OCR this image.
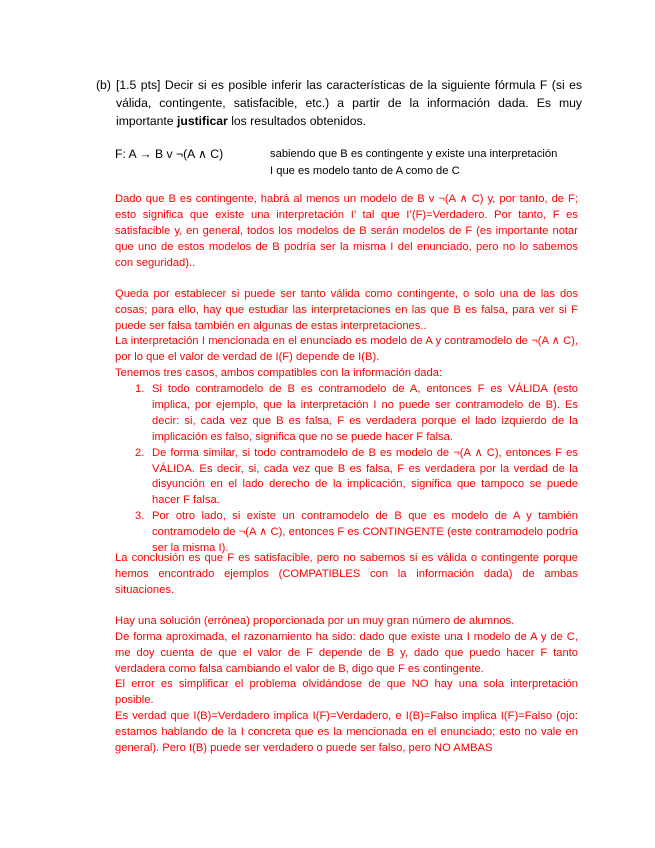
(b) [1.5 pts] Decir si es posible inferir las características de la siguiente fórmula F (si es válida, contingente, satisfacible, etc.) a partir de la información dada. Es muy importante justificar los resultados obtenidos.
F: A → B v ¬(A ∧ C)	sabiendo que B es contingente y existe una interpretación
I que es modelo tanto de A como de C
Dado que B es contingente, habrá al menos un modelo de B v ¬(A ∧ C) y, por tanto, de F; esto significa que existe una interpretación I’ tal que I’(F)=Verdadero. Por tanto, F es satisfacible y, en general, todos los modelos de B serán modelos de F (es importante notar que uno de estos modelos de B podría ser la misma I del enunciado, pero no lo sabemos con seguridad)..
Queda por establecer si puede ser tanto válida como contingente, o solo una de las dos cosas; para ello, hay que estudiar las interpretaciones en las que B es falsa, para ver si F puede ser falsa también en algunas de estas interpretaciones..
La interpretación I mencionada en el enunciado es modelo de A y contramodelo de ¬(A ∧ C), por lo que el valor de verdad de I(F) depende de I(B).
Tenemos tres casos, ambos compatibles con la información dada:
1. Si todo contramodelo de B es contramodelo de A, entonces F es VÁLIDA (esto implica, por ejemplo, que la interpretación I no puede ser contramodelo de B). Es decir: si, cada vez que B es falsa, F es verdadera porque el lado izquierdo de la implicación es falso, significa que no se puede hacer F falsa.
2. De forma similar, si todo contramodelo de B es modelo de ¬(A ∧ C), entonces F es VÁLIDA. Es decir, si, cada vez que B es falsa, F es verdadera por la verdad de la disyunción en el lado derecho de la implicación, significa que tampoco se puede hacer F falsa.
3. Por otro lado, si existe un contramodelo de B que es modelo de A y también contramodelo de ¬(A ∧ C), entonces F es CONTINGENTE (este contramodelo podría ser la misma I).
La conclusión es que F es satisfacible, pero no sabemos si es válida o contingente porque hemos encontrado ejemplos (COMPATIBLES con la información dada) de ambas situaciones.
Hay una solución (errónea) proporcionada por un muy gran número de alumnos.
De forma aproximada, el razonamiento ha sido: dado que existe una I modelo de A y de C, me doy cuenta de que el valor de F depende de B y, dado que puedo hacer F tanto verdadera como falsa cambiando el valor de B, digo que F es contingente.
El error es simplificar el problema olvidándose de que NO hay una sola interpretación posible.
Es verdad que I(B)=Verdadero implica I(F)=Verdadero, e I(B)=Falso implica I(F)=Falso (ojo: estamos hablando de la I concreta que es la mencionada en el enunciado; esto no vale en general). Pero I(B) puede ser verdadero o puede ser falso, pero NO AMBAS
